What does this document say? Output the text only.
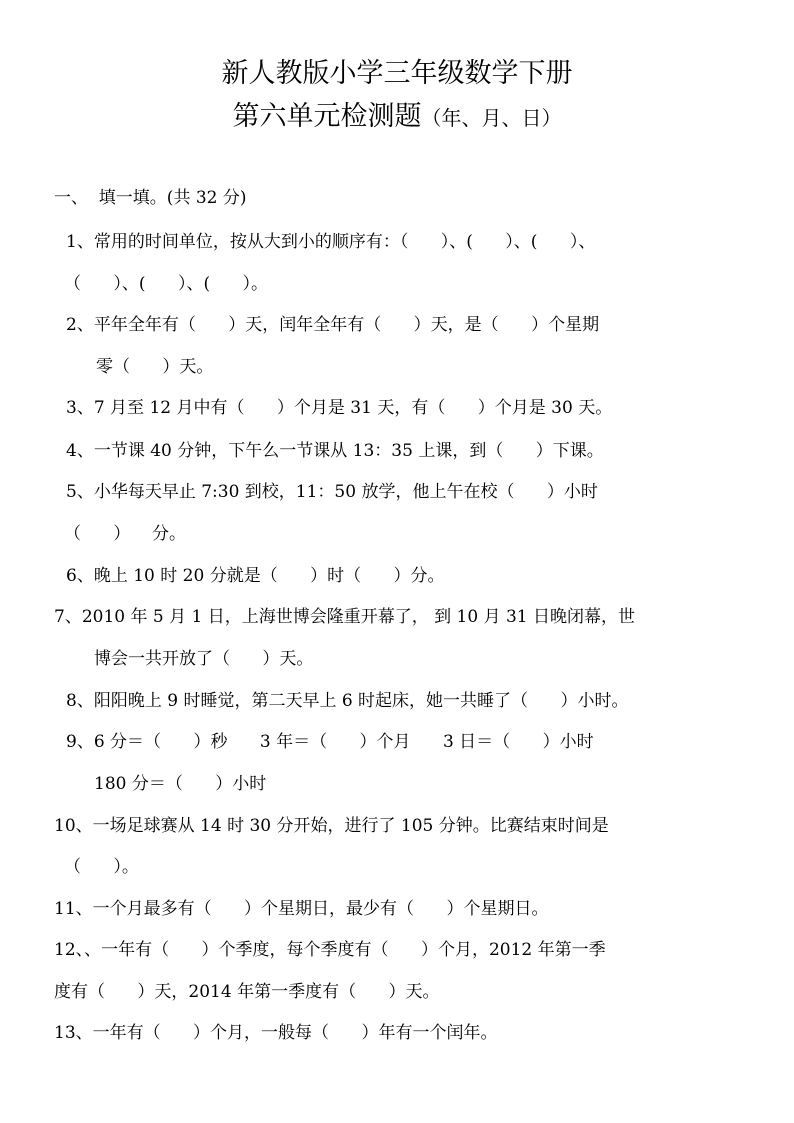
新人教版小学三年级数学下册
第六单元检测题（年、月、日）
一、  填一填。(共 32 分)
1、常用的时间单位，按从大到小的顺序有：（      ）、(      ）、(      ）、
（      ）、(      ）、(      ）。
2、平年全年有（      ）天，闰年全年有（      ）天，是（      ）个星期
零（      ）天。
3、7 月至 12 月中有（      ）个月是 31 天，有（      ）个月是 30 天。
4、一节课 40 分钟，下午么一节课从 13：35 上课，到（      ）下课。
5、小华每天早止 7:30 到校，11：50 放学，他上午在校（      ）小时
（      ）    分。
6、晚上 10 时 20 分就是（      ）时（      ）分。
7、2010 年 5 月 1 日，上海世博会隆重开幕了， 到 10 月 31 日晚闭幕，世
博会一共开放了（      ）天。
8、阳阳晚上 9 时睡觉，第二天早上 6 时起床，她一共睡了（      ）小时。
9、6 分＝（      ）秒      3 年＝（      ）个月      3 日＝（      ）小时
180 分＝（      ）小时
10、一场足球赛从 14 时 30 分开始，进行了 105 分钟。比赛结束时间是
（      ）。
11、一个月最多有（      ）个星期日，最少有（      ）个星期日。
12、、一年有（      ）个季度，每个季度有（      ）个月，2012 年第一季
度有（      ）天，2014 年第一季度有（      ）天。
13、一年有（      ）个月，一般每（      ）年有一个闰年。
